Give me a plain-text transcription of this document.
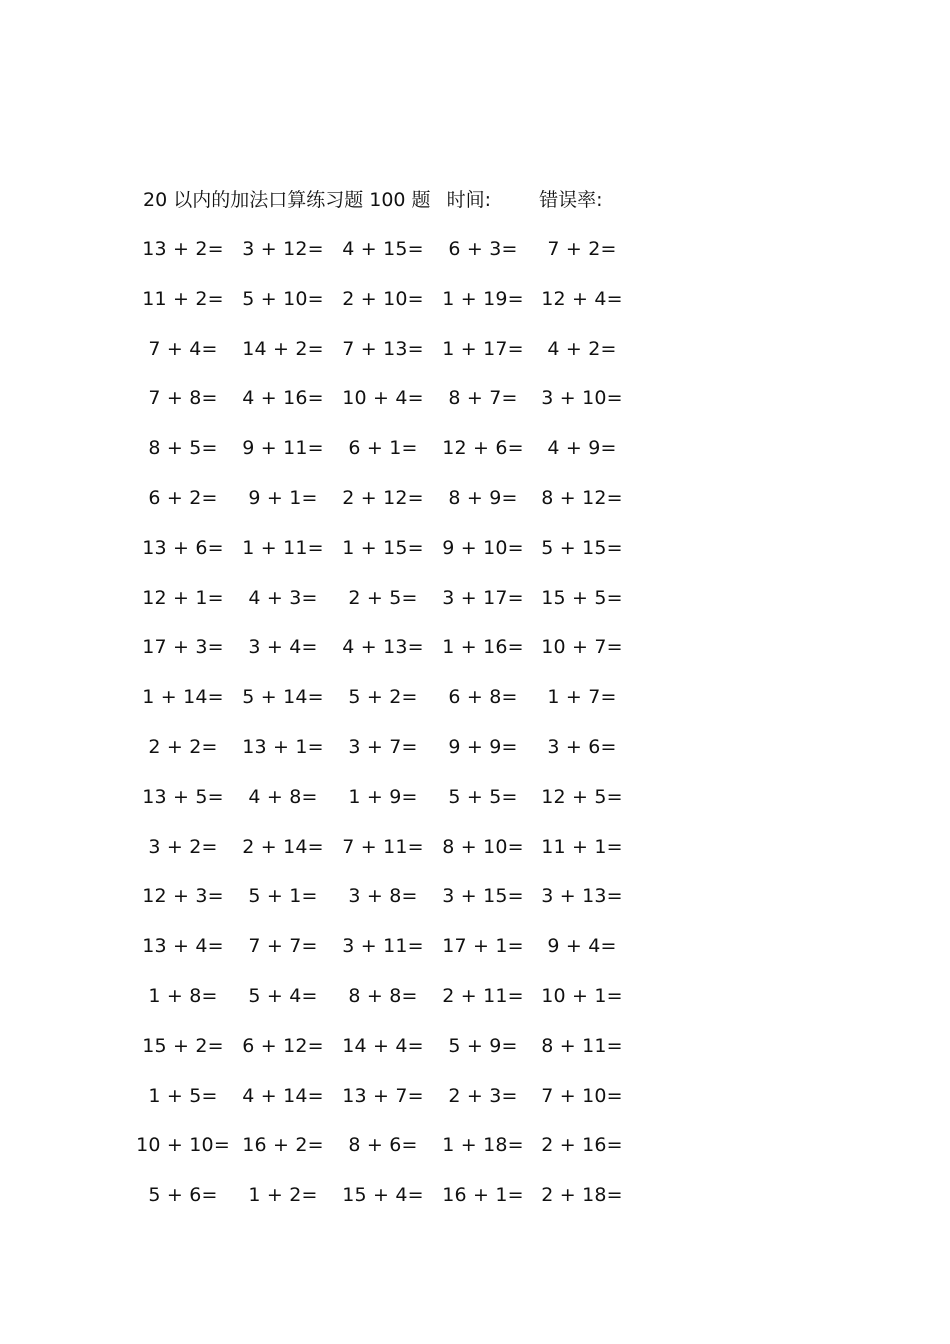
20 以内的加法口算练习题 100 题 时间:	错误率:
13 + 2= 3 + 12= 4 + 15=	6 + 3=	7 + 2=
11 + 2= 5 + 10= 2 + 10= 1 + 19= 12 + 4=
7 + 4=	14 + 2= 7 + 13= 1 + 17=	4 + 2=
7 + 8=	4 + 16= 10 + 4=	8 + 7=	3 + 10=
8 + 5=	9 + 11=	6 + 1=	12 + 6=	4 + 9=
6 + 2=	9 + 1=	2 + 12=	8 + 9=	8 + 12=
13 + 6= 1 + 11= 1 + 15= 9 + 10= 5 + 15=
12 + 1=	4 + 3=	2 + 5=	3 + 17= 15 + 5=
17 + 3=	3 + 4=	4 + 13= 1 + 16= 10 + 7=
1 + 14= 5 + 14=	5 + 2=	6 + 8=	1 + 7=
2 + 2=	13 + 1=	3 + 7=	9 + 9=	3 + 6=
13 + 5=	4 + 8=	1 + 9=	5 + 5=	12 + 5=
3 + 2=	2 + 14= 7 + 11= 8 + 10= 11 + 1=
12 + 3=	5 + 1=	3 + 8=	3 + 15= 3 + 13=
13 + 4=	7 + 7=	3 + 11= 17 + 1=	9 + 4=
1 + 8=	5 + 4=	8 + 8=	2 + 11= 10 + 1=
15 + 2= 6 + 12= 14 + 4=	5 + 9=	8 + 11=
1 + 5=	4 + 14= 13 + 7=	2 + 3=	7 + 10=
10 + 10= 16 + 2=	8 + 6=	1 + 18= 2 + 16=
5 + 6=	1 + 2=	15 + 4= 16 + 1= 2 + 18=
